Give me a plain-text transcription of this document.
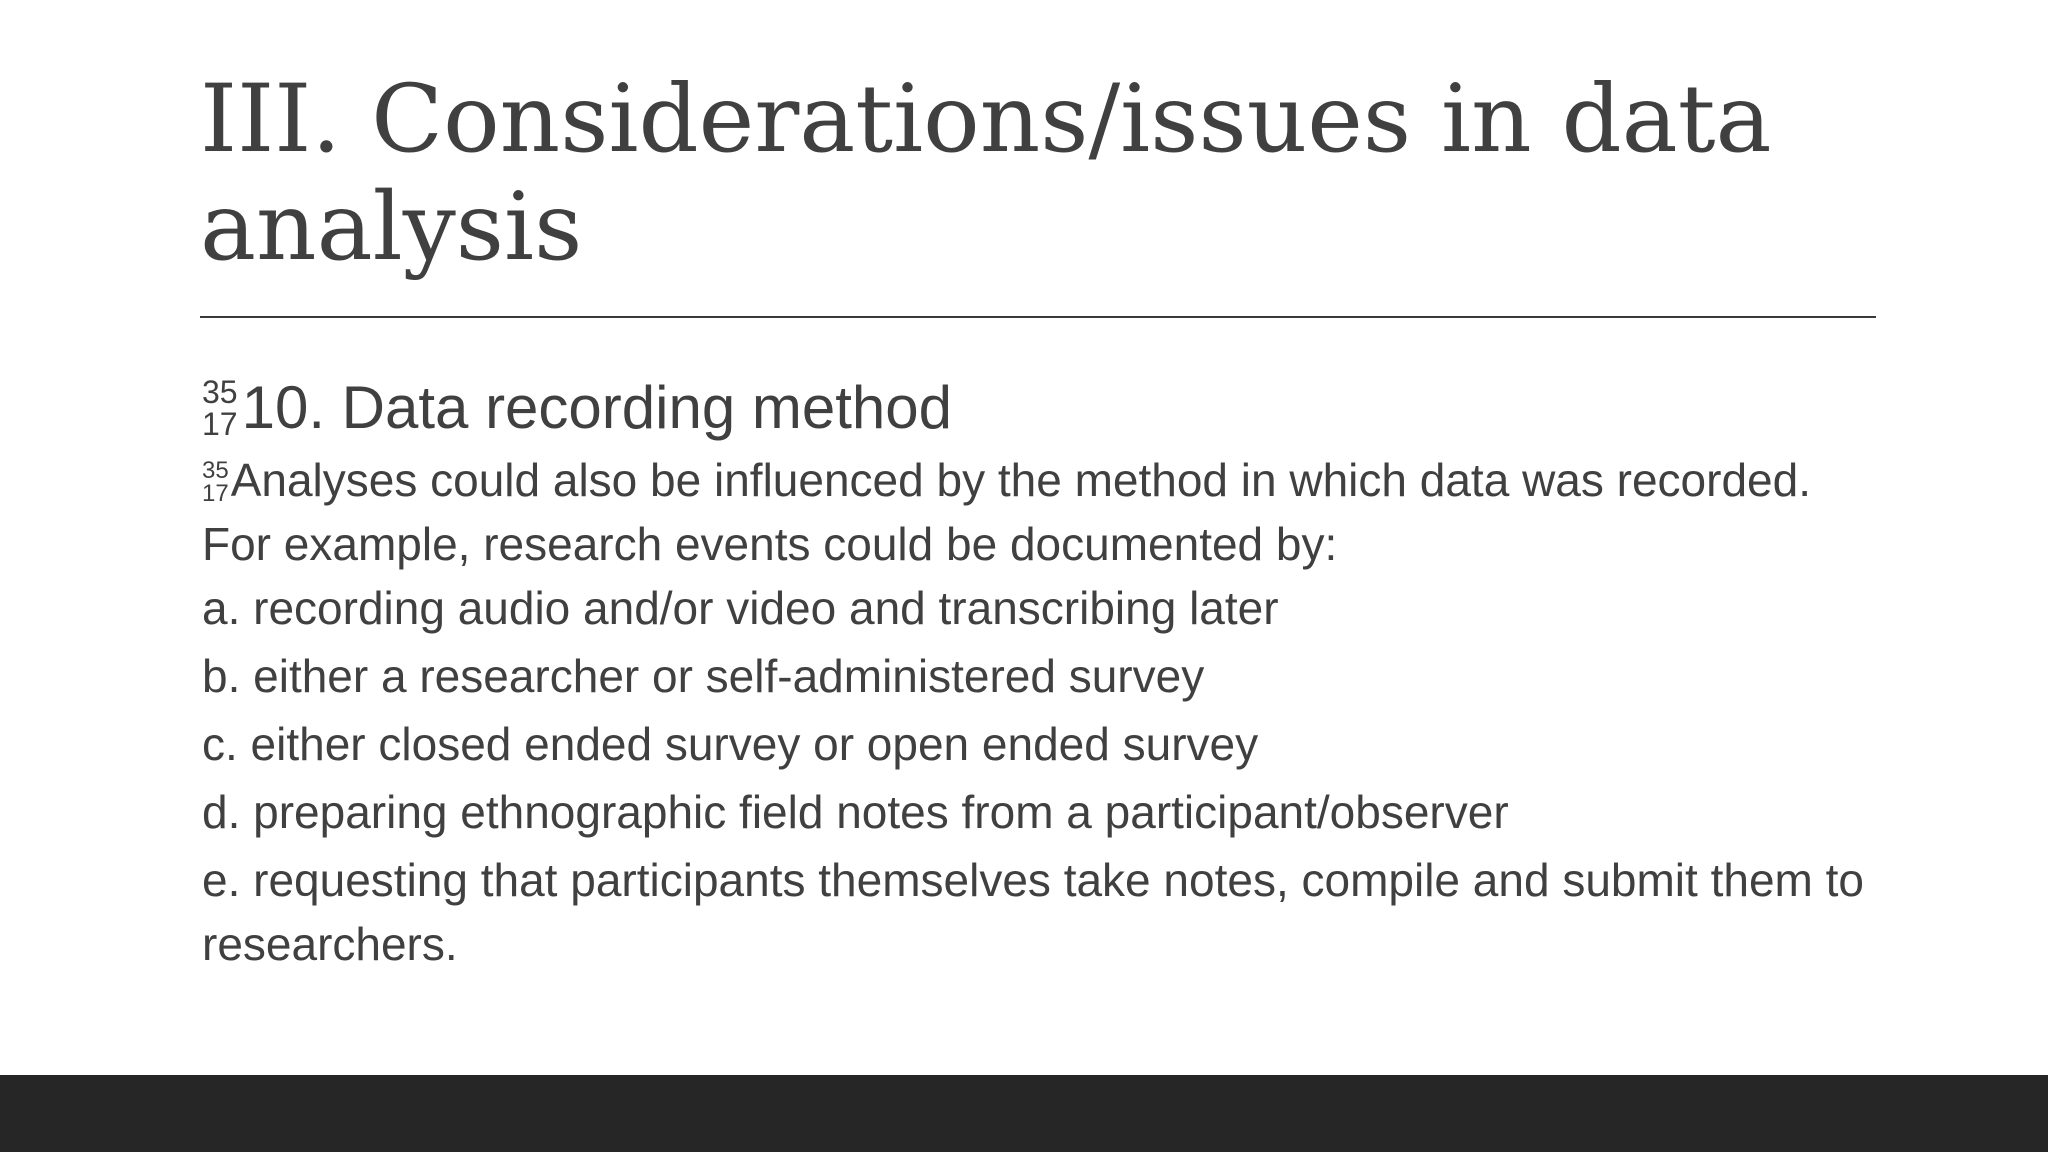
III. Considerations/issues in data analysis
35
17 10. Data recording method

35
17 Analyses could also be influenced by the method in which data was recorded. For example, research events could be documented by:

a. recording audio and/or video and transcribing later
b. either a researcher or self-administered survey
c. either closed ended survey or open ended survey
d. preparing ethnographic field notes from a participant/observer
e. requesting that participants themselves take notes, compile and submit them to researchers.
